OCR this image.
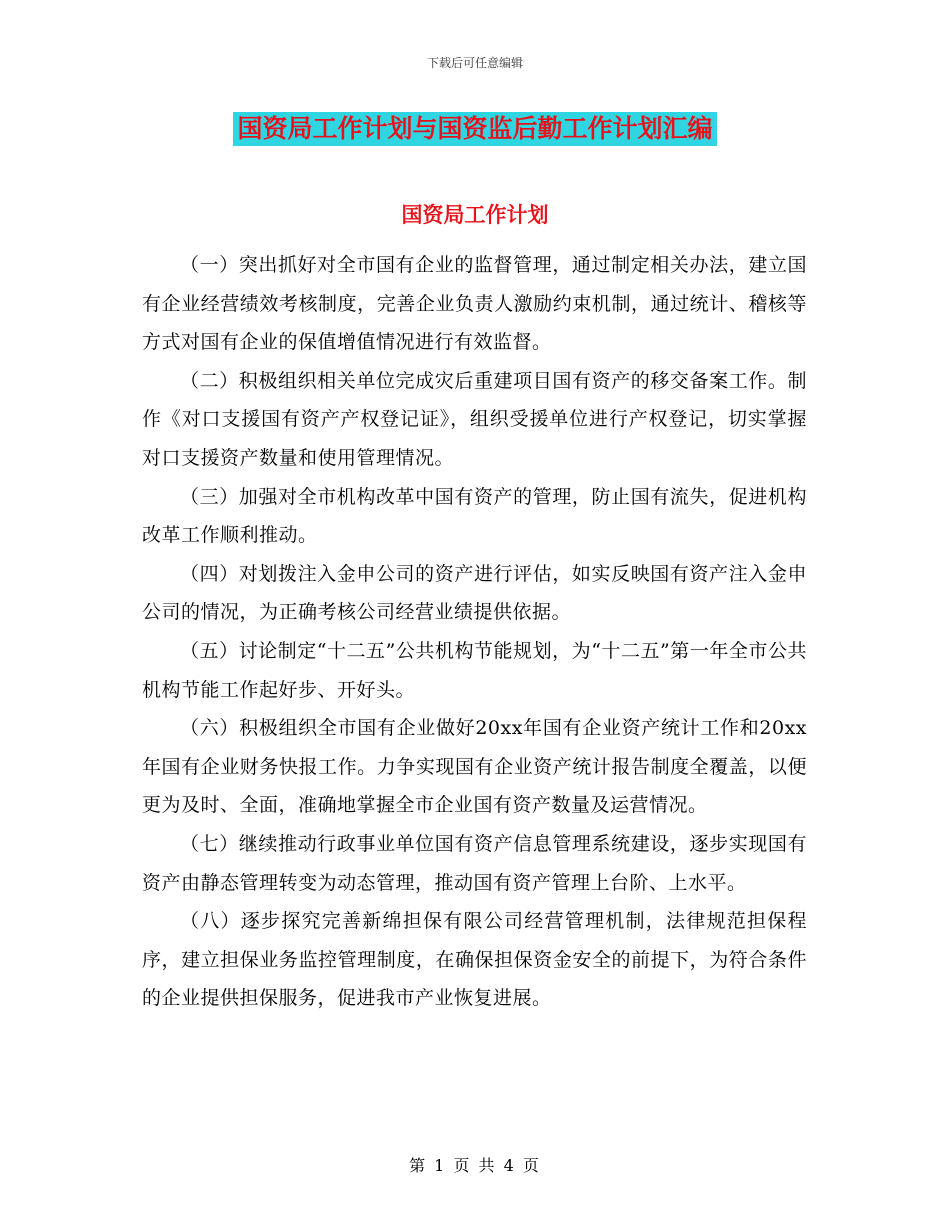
下载后可任意编辑
国资局工作计划与国资监后勤工作计划汇编
国资局工作计划

（一）突出抓好对全市国有企业的监督管理，通过制定相关办法，建立国有企业经营绩效考核制度，完善企业负责人激励约束机制，通过统计、稽核等方式对国有企业的保值增值情况进行有效监督。

（二）积极组织相关单位完成灾后重建项目国有资产的移交备案工作。制作《对口支援国有资产产权登记证》，组织受援单位进行产权登记，切实掌握对口支援资产数量和使用管理情况。

（三）加强对全市机构改革中国有资产的管理，防止国有流失，促进机构改革工作顺利推动。

（四）对划拨注入金申公司的资产进行评估，如实反映国有资产注入金申公司的情况，为正确考核公司经营业绩提供依据。

（五）讨论制定“十二五”公共机构节能规划，为“十二五”第一年全市公共机构节能工作起好步、开好头。

（六）积极组织全市国有企业做好20xx年国有企业资产统计工作和20xx年国有企业财务快报工作。力争实现国有企业资产统计报告制度全覆盖，以便更为及时、全面，准确地掌握全市企业国有资产数量及运营情况。

（七）继续推动行政事业单位国有资产信息管理系统建设，逐步实现国有资产由静态管理转变为动态管理，推动国有资产管理上台阶、上水平。

（八）逐步探究完善新绵担保有限公司经营管理机制，法律规范担保程序，建立担保业务监控管理制度，在确保担保资金安全的前提下，为符合条件的企业提供担保服务，促进我市产业恢复进展。

第 1 页 共 4 页
